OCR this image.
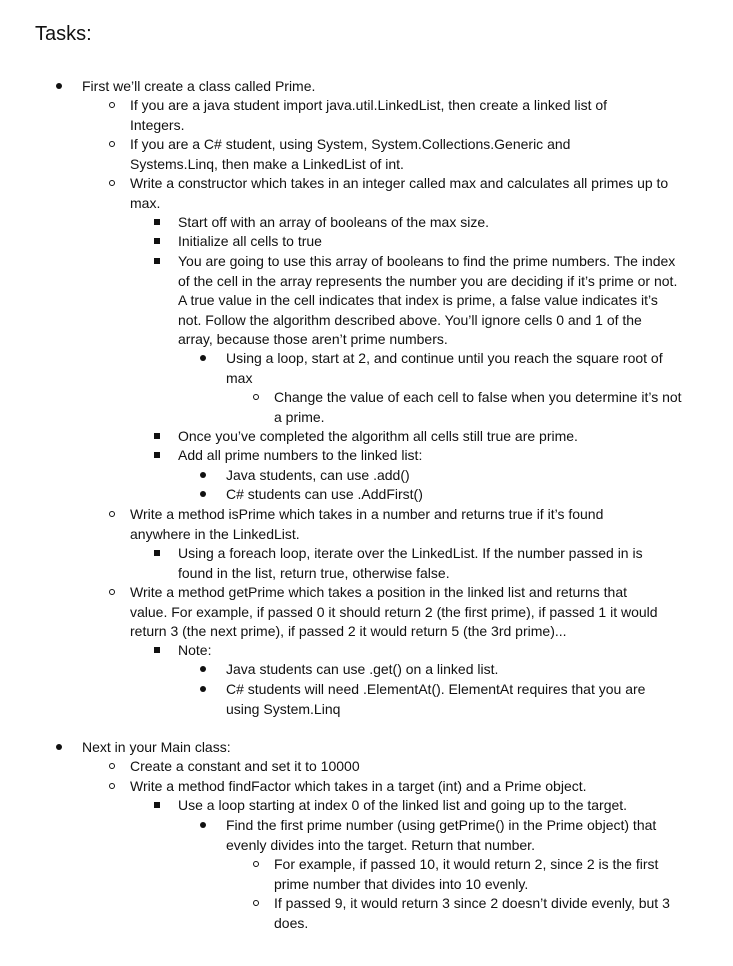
Tasks:
First we’ll create a class called Prime.
If you are a java student import java.util.LinkedList, then create a linked list of Integers.
If you are a C# student, using System, System.Collections.Generic and Systems.Linq, then make a LinkedList of int.
Write a constructor which takes in an integer called max and calculates all primes up to max.
Start off with an array of booleans of the max size.
Initialize all cells to true
You are going to use this array of booleans to find the prime numbers. The index of the cell in the array represents the number you are deciding if it’s prime or not. A true value in the cell indicates that index is prime, a false value indicates it’s not. Follow the algorithm described above. You’ll ignore cells 0 and 1 of the array, because those aren’t prime numbers.
Using a loop, start at 2, and continue until you reach the square root of max
Change the value of each cell to false when you determine it’s not a prime.
Once you’ve completed the algorithm all cells still true are prime.
Add all prime numbers to the linked list:
Java students, can use .add()
C# students can use .AddFirst()
Write a method isPrime which takes in a number and returns true if it’s found anywhere in the LinkedList.
Using a foreach loop, iterate over the LinkedList. If the number passed in is found in the list, return true, otherwise false.
Write a method getPrime which takes a position in the linked list and returns that value. For example, if passed 0 it should return 2 (the first prime), if passed 1 it would return 3 (the next prime), if passed 2 it would return 5 (the 3rd prime)...
Note:
Java students can use .get() on a linked list.
C# students will need .ElementAt(). ElementAt requires that you are using System.Linq
Next in your Main class:
Create a constant and set it to 10000
Write a method findFactor which takes in a target (int) and a Prime object.
Use a loop starting at index 0 of the linked list and going up to the target.
Find the first prime number (using getPrime() in the Prime object) that evenly divides into the target. Return that number.
For example, if passed 10, it would return 2, since 2 is the first prime number that divides into 10 evenly.
If passed 9, it would return 3 since 2 doesn’t divide evenly, but 3 does.
